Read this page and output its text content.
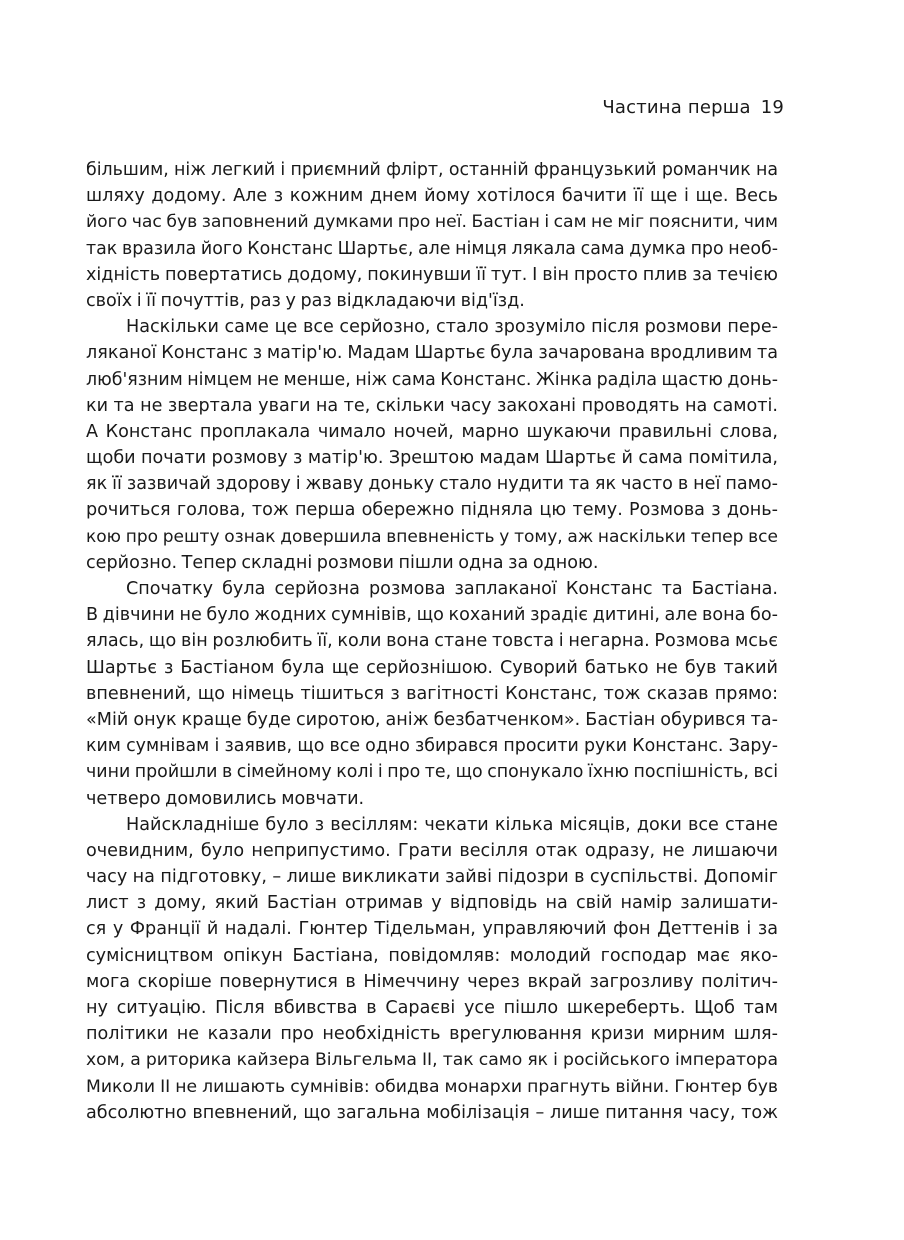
Частина перша 19
більшим, ніж легкий і приємний флірт, останній французький романчик на
шляху додому. Але з кожним днем йому хотілося бачити її ще і ще. Весь
його час був заповнений думками про неї. Бастіан і сам не міг пояснити, чим
так вразила його Констанс Шартьє, але німця лякала сама думка про необ-
хідність повертатись додому, покинувши її тут. І він просто плив за течією
своїх і її почуттів, раз у раз відкладаючи від'їзд.
Наскільки саме це все серйозно, стало зрозуміло після розмови пере-
ляканої Констанс з матір'ю. Мадам Шартьє була зачарована вродливим та
люб'язним німцем не менше, ніж сама Констанс. Жінка раділа щастю донь-
ки та не звертала уваги на те, скільки часу закохані проводять на самоті.
А Констанс проплакала чимало ночей, марно шукаючи правильні слова,
щоби почати розмову з матір'ю. Зрештою мадам Шартьє й сама помітила,
як її зазвичай здорову і жваву доньку стало нудити та як часто в неї памо-
рочиться голова, тож перша обережно підняла цю тему. Розмова з донь-
кою про решту ознак довершила впевненість у тому, аж наскільки тепер все
серйозно. Тепер складні розмови пішли одна за одною.
Спочатку була серйозна розмова заплаканої Констанс та Бастіана.
В дівчини не було жодних сумнівів, що коханий зрадіє дитині, але вона бо-
ялась, що він розлюбить її, коли вона стане товста і негарна. Розмова мсьє
Шартьє з Бастіаном була ще серйознішою. Суворий батько не був такий
впевнений, що німець тішиться з вагітності Констанс, тож сказав прямо:
«Мій онук краще буде сиротою, аніж безбатченком». Бастіан обурився та-
ким сумнівам і заявив, що все одно збирався просити руки Констанс. Зару-
чини пройшли в сімейному колі і про те, що спонукало їхню поспішність, всі
четверо домовились мовчати.
Найскладніше було з весіллям: чекати кілька місяців, доки все стане
очевидним, було неприпустимо. Грати весілля отак одразу, не лишаючи
часу на підготовку, – лише викликати зайві підозри в суспільстві. Допоміг
лист з дому, який Бастіан отримав у відповідь на свій намір залишати-
ся у Франції й надалі. Гюнтер Тідельман, управляючий фон Деттенів і за
сумісництвом опікун Бастіана, повідомляв: молодий господар має яко-
мога скоріше повернутися в Німеччину через вкрай загрозливу політич-
ну ситуацію. Після вбивства в Сараєві усе пішло шкереберть. Щоб там
політики не казали про необхідність врегулювання кризи мирним шля-
хом, а риторика кайзера Вільгельма II, так само як і російського імператора
Миколи II не лишають сумнівів: обидва монархи прагнуть війни. Гюнтер був
абсолютно впевнений, що загальна мобілізація – лише питання часу, тож
